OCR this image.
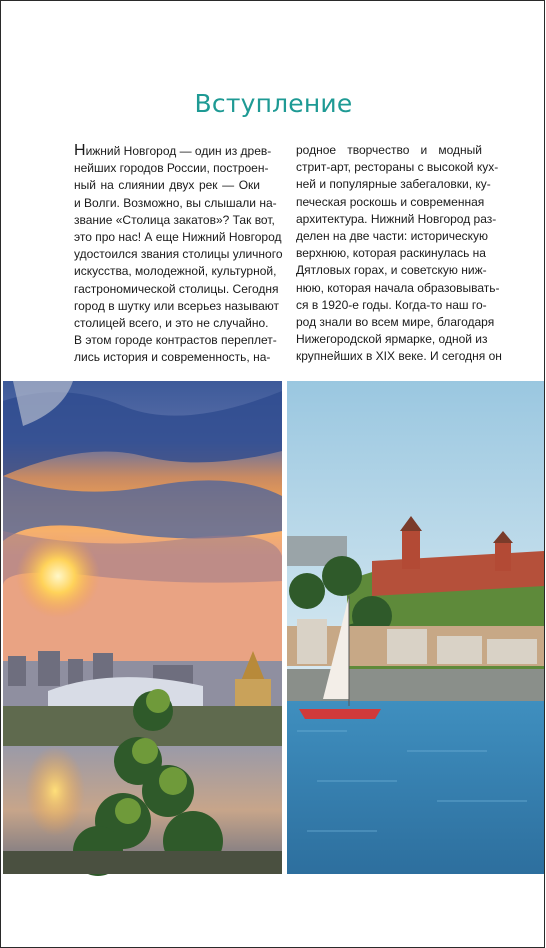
Вступление
Нижний Новгород — один из древ-
нейших городов России, построен-
ный на слиянии двух рек — Оки
и Волги. Возможно, вы слышали на-
звание «Столица закатов»? Так вот,
это про нас! А еще Нижний Новгород
удостоился звания столицы уличного
искусства, молодежной, культурной,
гастрономической столицы. Сегодня
город в шутку или всерьез называют
столицей всего, и это не случайно.
В этом городе контрастов переплет-
лись история и современность, на-
родное творчество и модный
стрит-арт, рестораны с высокой кух-
ней и популярные забегаловки, ку-
печеская роскошь и современная
архитектура. Нижний Новгород раз-
делен на две части: историческую
верхнюю, которая раскинулась на
Дятловых горах, и советскую ниж-
нюю, которая начала образовывать-
ся в 1920-е годы. Когда-то наш го-
род знали во всем мире, благодаря
Нижегородской ярмарке, одной из
крупнейших в XIX веке. И сегодня он
